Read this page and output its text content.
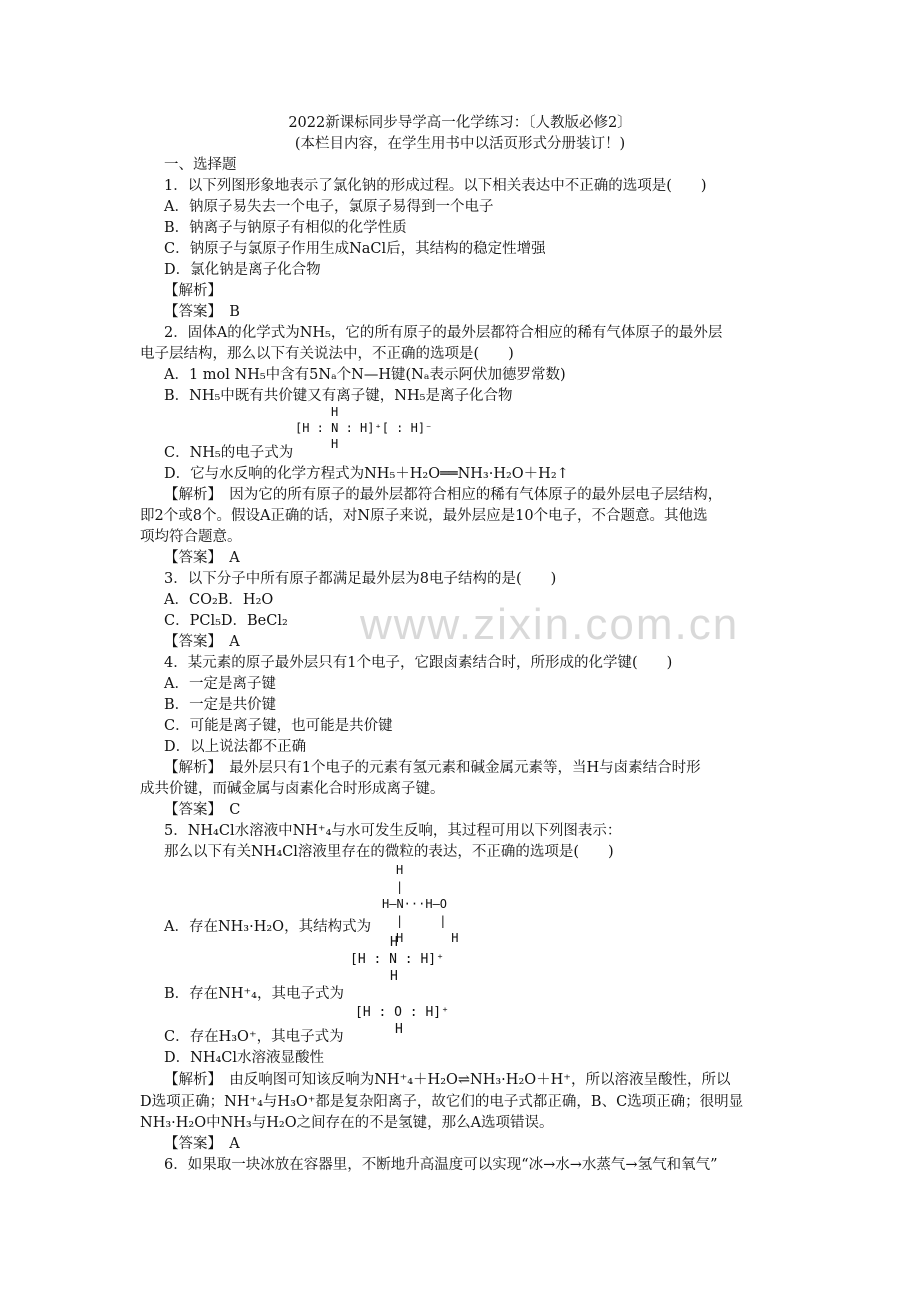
www.zixin.com.cn
2022新课标同步导学高一化学练习：〔人教版必修2〕
(本栏目内容，在学生用书中以活页形式分册装订！)
一、选择题
1．以下列图形象地表示了氯化钠的形成过程。以下相关表达中不正确的选项是(　　)
A．钠原子易失去一个电子，氯原子易得到一个电子
B．钠离子与钠原子有相似的化学性质
C．钠原子与氯原子作用生成NaCl后，其结构的稳定性增强
D．氯化钠是离子化合物
【解析】
【答案】　B
2．固体A的化学式为NH₅，它的所有原子的最外层都符合相应的稀有气体原子的最外层
电子层结构，那么以下有关说法中，不正确的选项是(　　)
A．1 mol NH₅中含有5Nₐ个N—H键(Nₐ表示阿伏加德罗常数)
B．NH₅中既有共价键又有离子键，NH₅是离子化合物
H
[H : N : H]⁺[ : H]⁻
H
C．NH₅的电子式为
D．它与水反响的化学方程式为NH₅＋H₂O══NH₃·H₂O＋H₂↑
【解析】　因为它的所有原子的最外层都符合相应的稀有气体原子的最外层电子层结构，
即2个或8个。假设A正确的话，对N原子来说，最外层应是10个电子，不合题意。其他选
项均符合题意。
【答案】　A
3．以下分子中所有原子都满足最外层为8电子结构的是(　　)
A．CO₂B．H₂O
C．PCl₅D．BeCl₂
【答案】　A
4．某元素的原子最外层只有1个电子，它跟卤素结合时，所形成的化学键(　　)
A．一定是离子键
B．一定是共价键
C．可能是离子键，也可能是共价键
D．以上说法都不正确
【解析】　最外层只有1个电子的元素有氢元素和碱金属元素等，当H与卤素结合时形
成共价键，而碱金属与卤素化合时形成离子键。
【答案】　C
5．NH₄Cl水溶液中NH⁺₄与水可发生反响，其过程可用以下列图表示：
那么以下有关NH₄Cl溶液里存在的微粒的表达，不正确的选项是(　　)
H
|
H—N···H—O
|　　　|
H　　　　H
A．存在NH₃·H₂O，其结构式为
H
[H : N : H]⁺
H
B．存在NH⁺₄，其电子式为
[H : O : H]⁺
H
C．存在H₃O⁺，其电子式为
D．NH₄Cl水溶液显酸性
【解析】　由反响图可知该反响为NH⁺₄＋H₂O⇌NH₃·H₂O＋H⁺，所以溶液呈酸性，所以
D选项正确；NH⁺₄与H₃O⁺都是复杂阳离子，故它们的电子式都正确，B、C选项正确；很明显
NH₃·H₂O中NH₃与H₂O之间存在的不是氢键，那么A选项错误。
【答案】　A
6．如果取一块冰放在容器里，不断地升高温度可以实现“冰→水→水蒸气→氢气和氧气”
